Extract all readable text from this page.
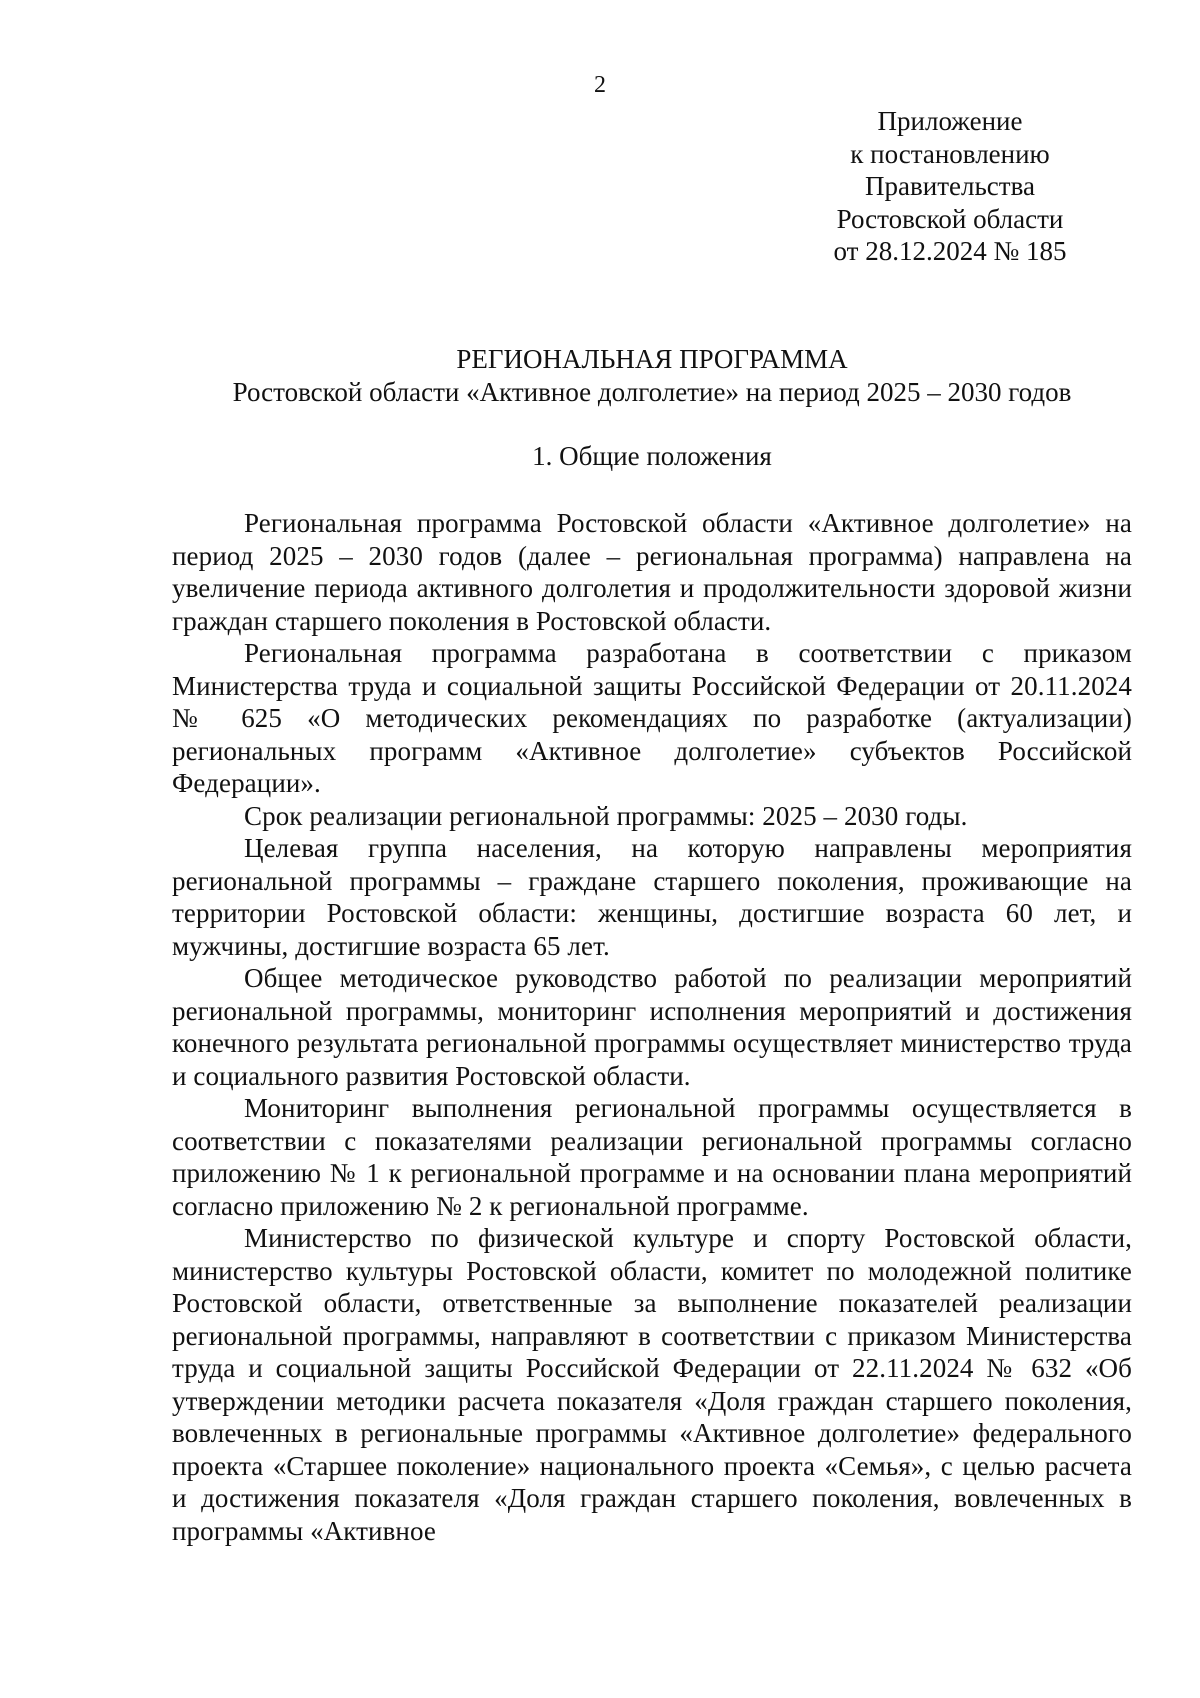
2
Приложение
к постановлению
Правительства
Ростовской области
от 28.12.2024 № 185
РЕГИОНАЛЬНАЯ ПРОГРАММА
Ростовской области «Активное долголетие» на период 2025 – 2030 годов
1. Общие положения

Региональная программа Ростовской области «Активное долголетие» на период 2025 – 2030 годов (далее – региональная программа) направлена на увеличение периода активного долголетия и продолжительности здоровой жизни граждан старшего поколения в Ростовской области.

Региональная программа разработана в соответствии с приказом Министерства труда и социальной защиты Российской Федерации от 20.11.2024 № 625 «О методических рекомендациях по разработке (актуализации) региональных программ «Активное долголетие» субъектов Российской Федерации».

Срок реализации региональной программы: 2025 – 2030 годы.

Целевая группа населения, на которую направлены мероприятия региональной программы – граждане старшего поколения, проживающие на территории Ростовской области: женщины, достигшие возраста 60 лет, и мужчины, достигшие возраста 65 лет.

Общее методическое руководство работой по реализации мероприятий региональной программы, мониторинг исполнения мероприятий и достижения конечного результата региональной программы осуществляет министерство труда и социального развития Ростовской области.

Мониторинг выполнения региональной программы осуществляется в соответствии с показателями реализации региональной программы согласно приложению № 1 к региональной программе и на основании плана мероприятий согласно приложению № 2 к региональной программе.

Министерство по физической культуре и спорту Ростовской области, министерство культуры Ростовской области, комитет по молодежной политике Ростовской области, ответственные за выполнение показателей реализации региональной программы, направляют в соответствии с приказом Министерства труда и социальной защиты Российской Федерации от 22.11.2024 № 632 «Об утверждении методики расчета показателя «Доля граждан старшего поколения, вовлеченных в региональные программы «Активное долголетие» федерального проекта «Старшее поколение» национального проекта «Семья», с целью расчета и достижения показателя «Доля граждан старшего поколения, вовлеченных в программы «Активное
